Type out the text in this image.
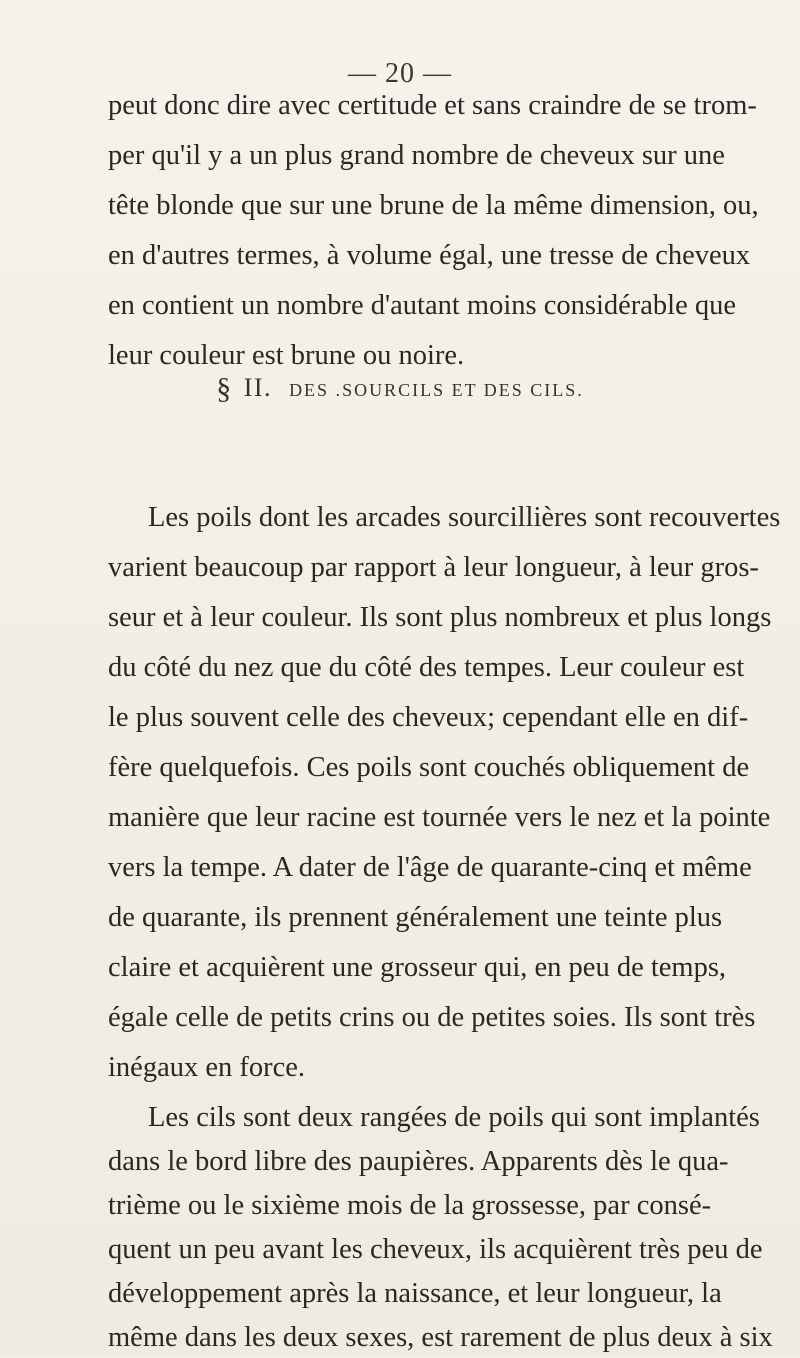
— 20 —
peut donc dire avec certitude et sans craindre de se trom-
per qu'il y a un plus grand nombre de cheveux sur une
tête blonde que sur une brune de la même dimension, ou,
en d'autres termes, à volume égal, une tresse de cheveux
en contient un nombre d'autant moins considérable que
leur couleur est brune ou noire.
§ II. DES .SOURCILS ET DES CILS.
Les poils dont les arcades sourcillières sont recouvertes
varient beaucoup par rapport à leur longueur, à leur gros-
seur et à leur couleur. Ils sont plus nombreux et plus longs
du côté du nez que du côté des tempes. Leur couleur est
le plus souvent celle des cheveux; cependant elle en dif-
fère quelquefois. Ces poils sont couchés obliquement de
manière que leur racine est tournée vers le nez et la pointe
vers la tempe. A dater de l'âge de quarante-cinq et même
de quarante, ils prennent généralement une teinte plus
claire et acquièrent une grosseur qui, en peu de temps,
égale celle de petits crins ou de petites soies. Ils sont très
inégaux en force.
Les cils sont deux rangées de poils qui sont implantés
dans le bord libre des paupières. Apparents dès le qua-
trième ou le sixième mois de la grossesse, par consé-
quent un peu avant les cheveux, ils acquièrent très peu de
développement après la naissance, et leur longueur, la
même dans les deux sexes, est rarement de plus deux à six
